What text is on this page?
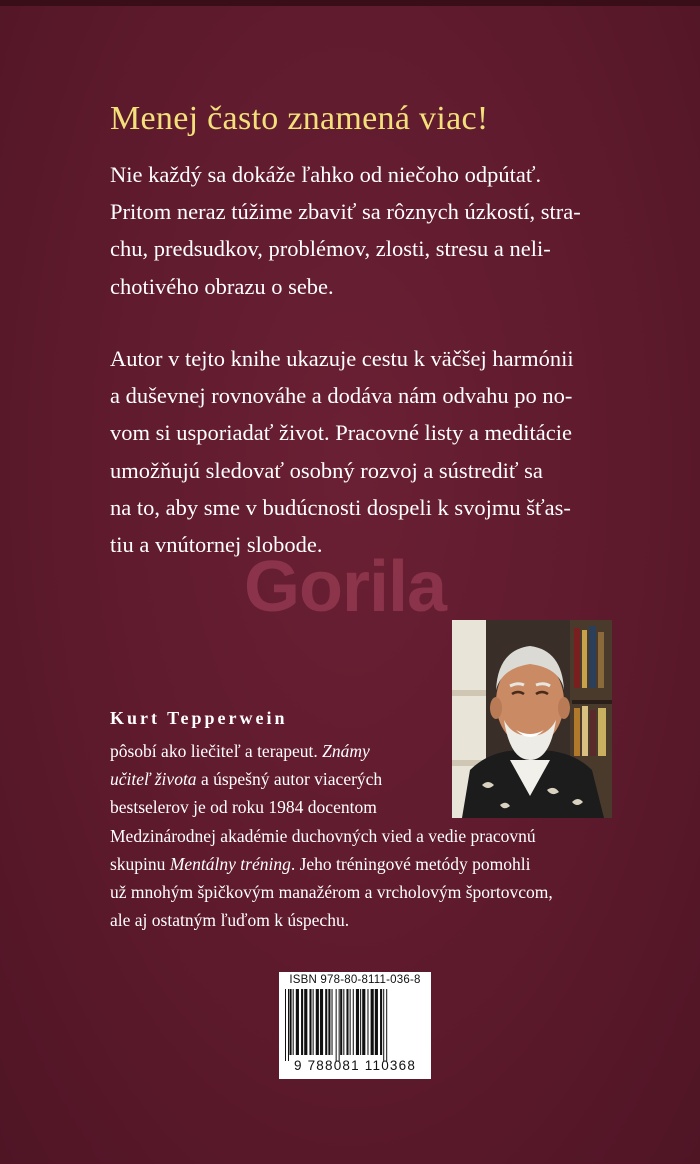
Menej často znamená viac!

Nie každý sa dokáže ľahko od niečoho odpútať.
Pritom neraz túžime zbaviť sa rôznych úzkostí, stra-
chu, predsudkov, problémov, zlosti, stresu a neli-
chotivého obrazu o sebe.

Autor v tejto knihe ukazuje cestu k väčšej harmónii
a duševnej rovnováhe a dodáva nám odvahu po no-
vom si usporiadať život. Pracovné listy a meditácie
umožňujú sledovať osobný rozvoj a sústrediť sa
na to, aby sme v budúcnosti dospeli k svojmu šťas-
tiu a vnútornej slobode.

Gorila
Kurt Tepperwein

pôsobí ako liečiteľ a terapeut. Známy
učiteľ života a úspešný autor viacerých
bestselerov je od roku 1984 docentom
Medzinárodnej akadémie duchovných vied a vedie pracovnú
skupinu Mentálny tréning. Jeho tréningové metódy pomohli
už mnohým špičkovým manažérom a vrcholovým športovcom,
ale aj ostatným ľuďom k úspechu.

ISBN 978-80-8111-036-8
9 788081 110368
